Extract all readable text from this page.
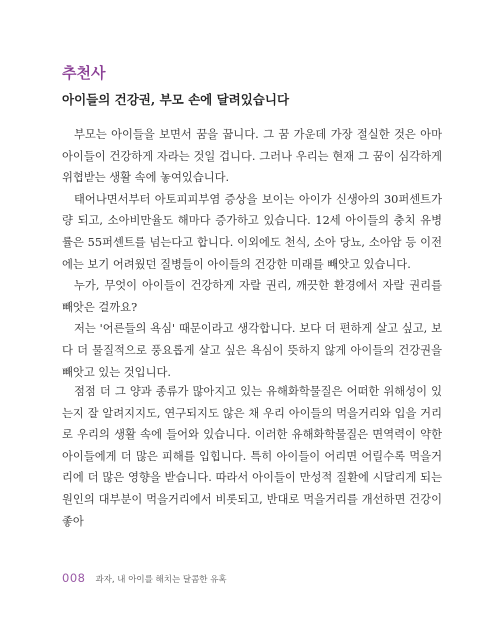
추천사
아이들의 건강권, 부모 손에 달려있습니다

부모는 아이들을 보면서 꿈을 꿉니다. 그 꿈 가운데 가장 절실한 것은 아마 아이들이 건강하게 자라는 것일 겁니다. 그러나 우리는 현재 그 꿈이 심각하게 위협받는 생활 속에 놓여있습니다.

태어나면서부터 아토피피부염 증상을 보이는 아이가 신생아의 30퍼센트가량 되고, 소아비만율도 해마다 증가하고 있습니다. 12세 아이들의 충치 유병률은 55퍼센트를 넘는다고 합니다. 이외에도 천식, 소아 당뇨, 소아암 등 이전에는 보기 어려웠던 질병들이 아이들의 건강한 미래를 빼앗고 있습니다.

누가, 무엇이 아이들이 건강하게 자랄 권리, 깨끗한 환경에서 자랄 권리를 빼앗은 걸까요?

저는 '어른들의 욕심' 때문이라고 생각합니다. 보다 더 편하게 살고 싶고, 보다 더 물질적으로 풍요롭게 살고 싶은 욕심이 뜻하지 않게 아이들의 건강권을 빼앗고 있는 것입니다.

점점 더 그 양과 종류가 많아지고 있는 유해화학물질은 어떠한 위해성이 있는지 잘 알려지지도, 연구되지도 않은 채 우리 아이들의 먹을거리와 입을 거리로 우리의 생활 속에 들어와 있습니다. 이러한 유해화학물질은 면역력이 약한 아이들에게 더 많은 피해를 입힙니다. 특히 아이들이 어리면 어릴수록 먹을거리에 더 많은 영향을 받습니다. 따라서 아이들이 만성적 질환에 시달리게 되는 원인의 대부분이 먹을거리에서 비롯되고, 반대로 먹을거리를 개선하면 건강이 좋아

008 과자, 내 아이를 해치는 달콤한 유혹
